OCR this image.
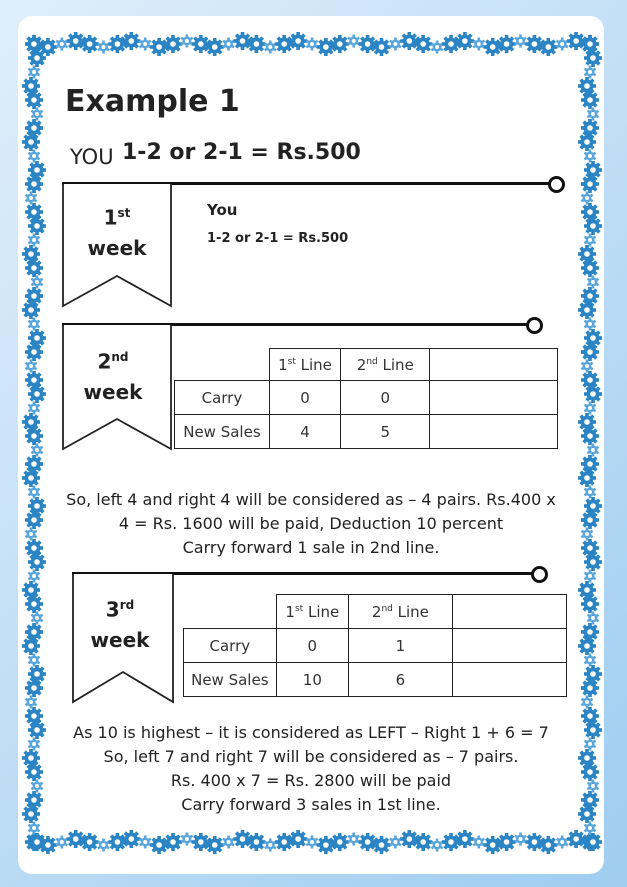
Example 1
YOU 1-2 or 2-1 = Rs.500
1st
week
You
1-2 or 2-1 = Rs.500
2nd
week
	1st Line	2nd Line	
Carry	0	0	
New Sales	4	5	
So, left 4 and right 4 will be considered as – 4 pairs. Rs.400 x
4 = Rs. 1600 will be paid, Deduction 10 percent
Carry forward 1 sale in 2nd line.
3rd
week
	1st Line	2nd Line	
Carry	0	1	
New Sales	10	6	
As 10 is highest – it is considered as LEFT – Right 1 + 6 = 7
So, left 7 and right 7 will be considered as – 7 pairs.
Rs. 400 x 7 = Rs. 2800 will be paid
Carry forward 3 sales in 1st line.
